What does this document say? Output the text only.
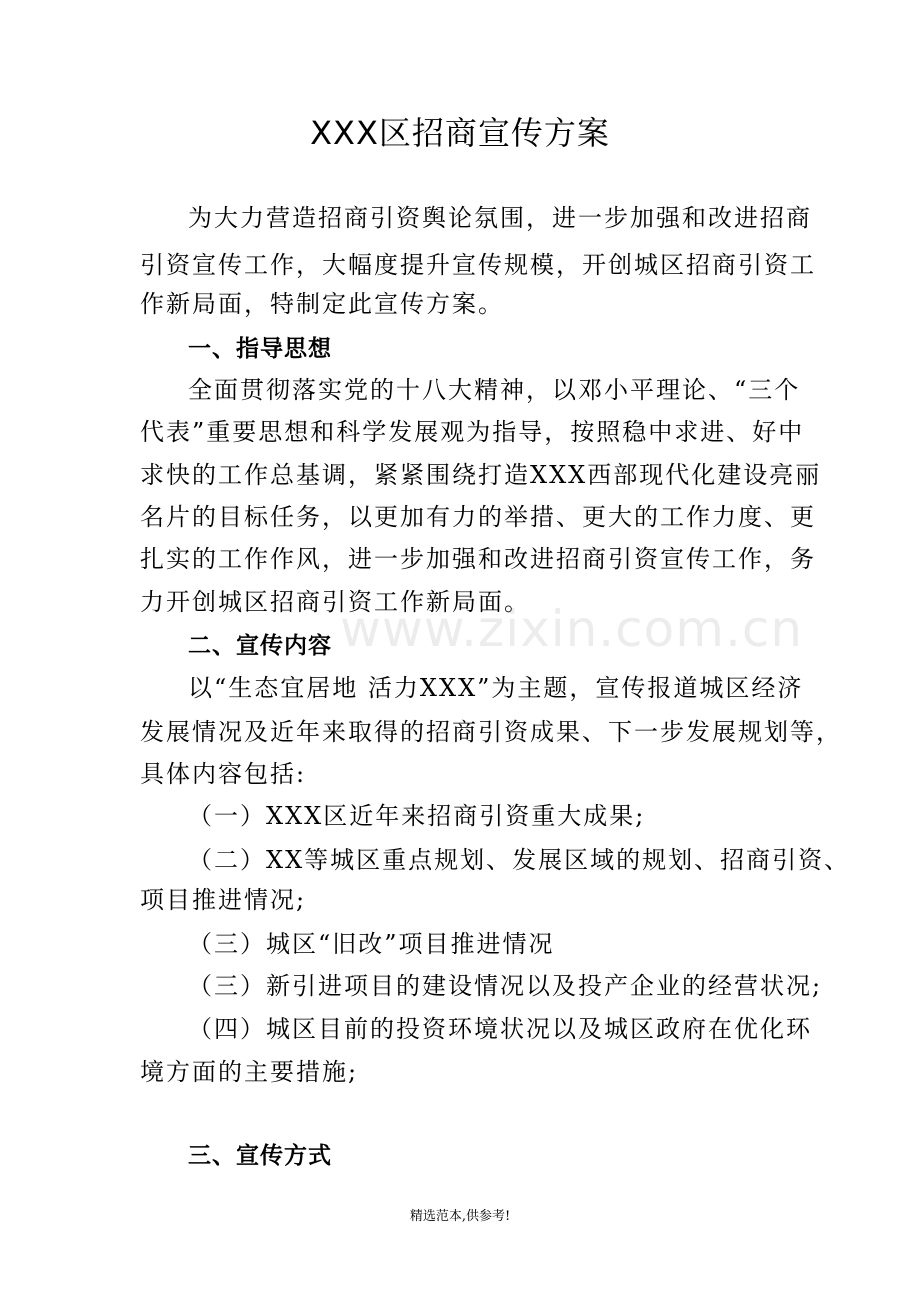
XXX区招商宣传方案
为大力营造招商引资舆论氛围，进一步加强和改进招商
引资宣传工作，大幅度提升宣传规模，开创城区招商引资工
作新局面，特制定此宣传方案。
一、指导思想
全面贯彻落实党的十八大精神，以邓小平理论、“三个
代表”重要思想和科学发展观为指导，按照稳中求进、好中
求快的工作总基调，紧紧围绕打造XXX西部现代化建设亮丽
名片的目标任务，以更加有力的举措、更大的工作力度、更
扎实的工作作风，进一步加强和改进招商引资宣传工作，务
力开创城区招商引资工作新局面。
二、宣传内容
以“生态宜居地 活力XXX”为主题，宣传报道城区经济
发展情况及近年来取得的招商引资成果、下一步发展规划等，
具体内容包括:
（一）XXX区近年来招商引资重大成果;
（二）XX等城区重点规划、发展区域的规划、招商引资、
项目推进情况;
（三）城区“旧改”项目推进情况
（三）新引进项目的建设情况以及投产企业的经营状况;
（四）城区目前的投资环境状况以及城区政府在优化环
境方面的主要措施;
三、宣传方式
www.zixin.com.cn
精选范本,供参考!
